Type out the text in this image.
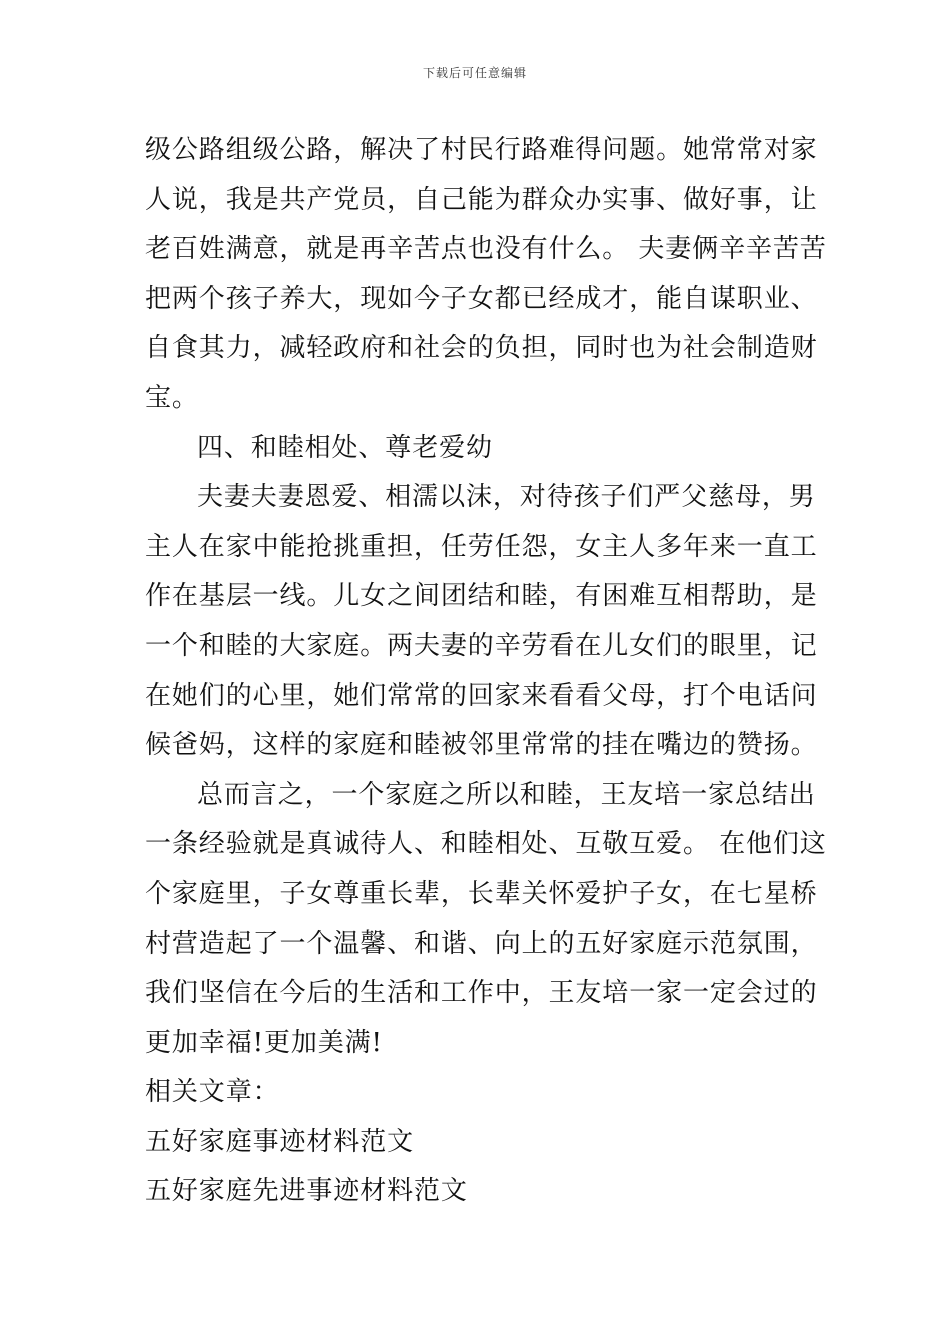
下载后可任意编辑
级公路组级公路，解决了村民行路难得问题。她常常对家
人说，我是共产党员，自己能为群众办实事、做好事，让
老百姓满意，就是再辛苦点也没有什么。 夫妻俩辛辛苦苦
把两个孩子养大，现如今子女都已经成才，能自谋职业、
自食其力，减轻政府和社会的负担，同时也为社会制造财
宝。
四、和睦相处、尊老爱幼
夫妻夫妻恩爱、相濡以沫，对待孩子们严父慈母，男
主人在家中能抢挑重担，任劳任怨，女主人多年来一直工
作在基层一线。儿女之间团结和睦，有困难互相帮助，是
一个和睦的大家庭。两夫妻的辛劳看在儿女们的眼里，记
在她们的心里，她们常常的回家来看看父母，打个电话问
候爸妈，这样的家庭和睦被邻里常常的挂在嘴边的赞扬。
总而言之，一个家庭之所以和睦，王友培一家总结出
一条经验就是真诚待人、和睦相处、互敬互爱。 在他们这
个家庭里，子女尊重长辈，长辈关怀爱护子女，在七星桥
村营造起了一个温馨、和谐、向上的五好家庭示范氛围，
我们坚信在今后的生活和工作中，王友培一家一定会过的
更加幸福!更加美满!
相关文章：
五好家庭事迹材料范文
五好家庭先进事迹材料范文
